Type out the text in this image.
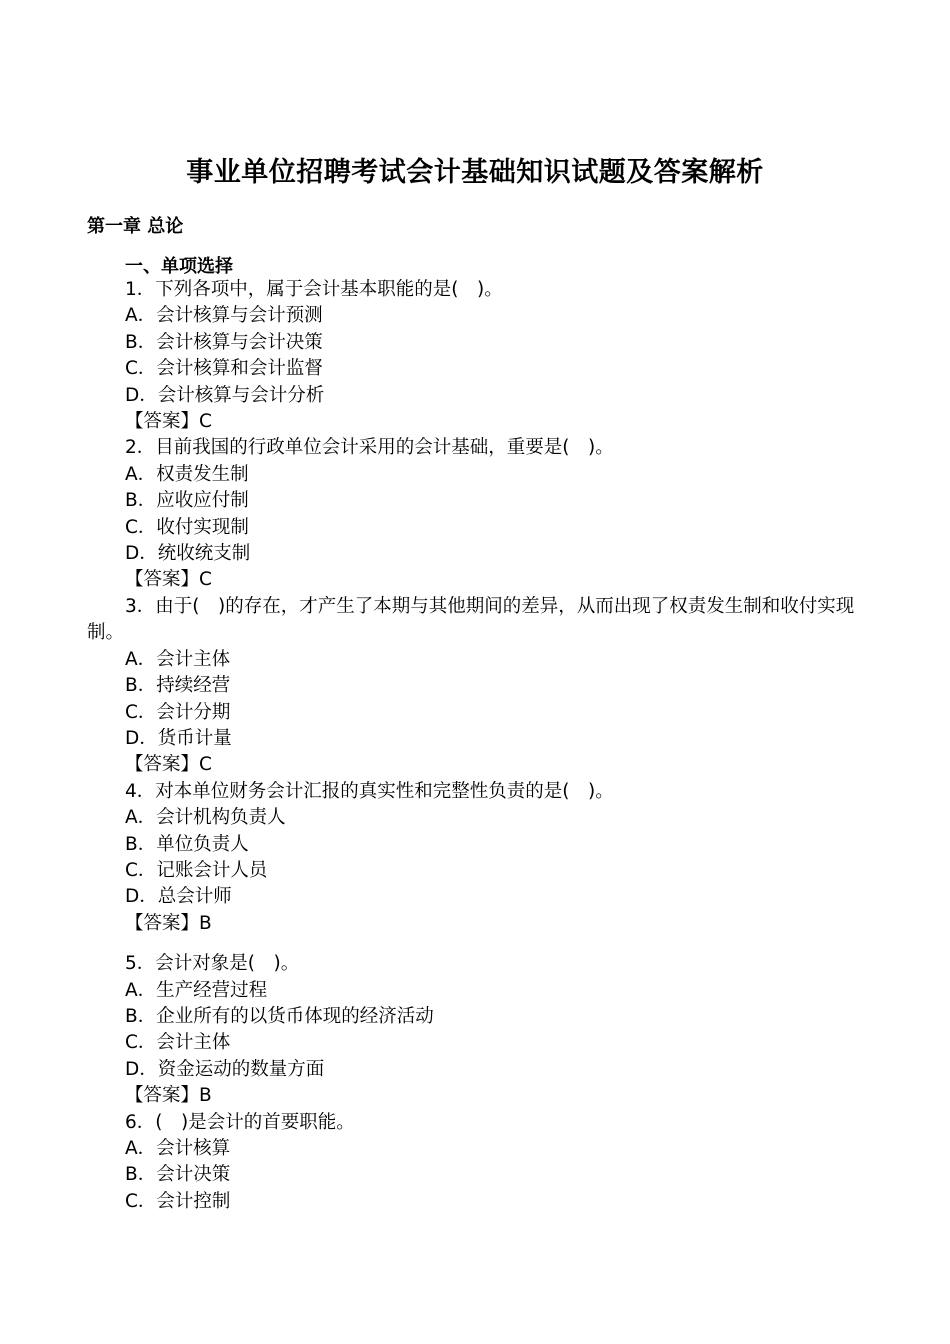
事业单位招聘考试会计基础知识试题及答案解析
第一章 总论
一、单项选择
1．下列各项中，属于会计基本职能的是(　)。
A．会计核算与会计预测
B．会计核算与会计决策
C．会计核算和会计监督
D．会计核算与会计分析
【答案】C
2．目前我国的行政单位会计采用的会计基础，重要是(　)。
A．权责发生制
B．应收应付制
C．收付实现制
D．统收统支制
【答案】C
3．由于(　)的存在，才产生了本期与其他期间的差异，从而出现了权责发生制和收付实现制。
A．会计主体
B．持续经营
C．会计分期
D．货币计量
【答案】C
4．对本单位财务会计汇报的真实性和完整性负责的是(　)。
A．会计机构负责人
B．单位负责人
C．记账会计人员
D．总会计师
【答案】B
5．会计对象是(　)。
A．生产经营过程
B．企业所有的以货币体现的经济活动
C．会计主体
D．资金运动的数量方面
【答案】B
6．(　)是会计的首要职能。
A．会计核算
B．会计决策
C．会计控制
